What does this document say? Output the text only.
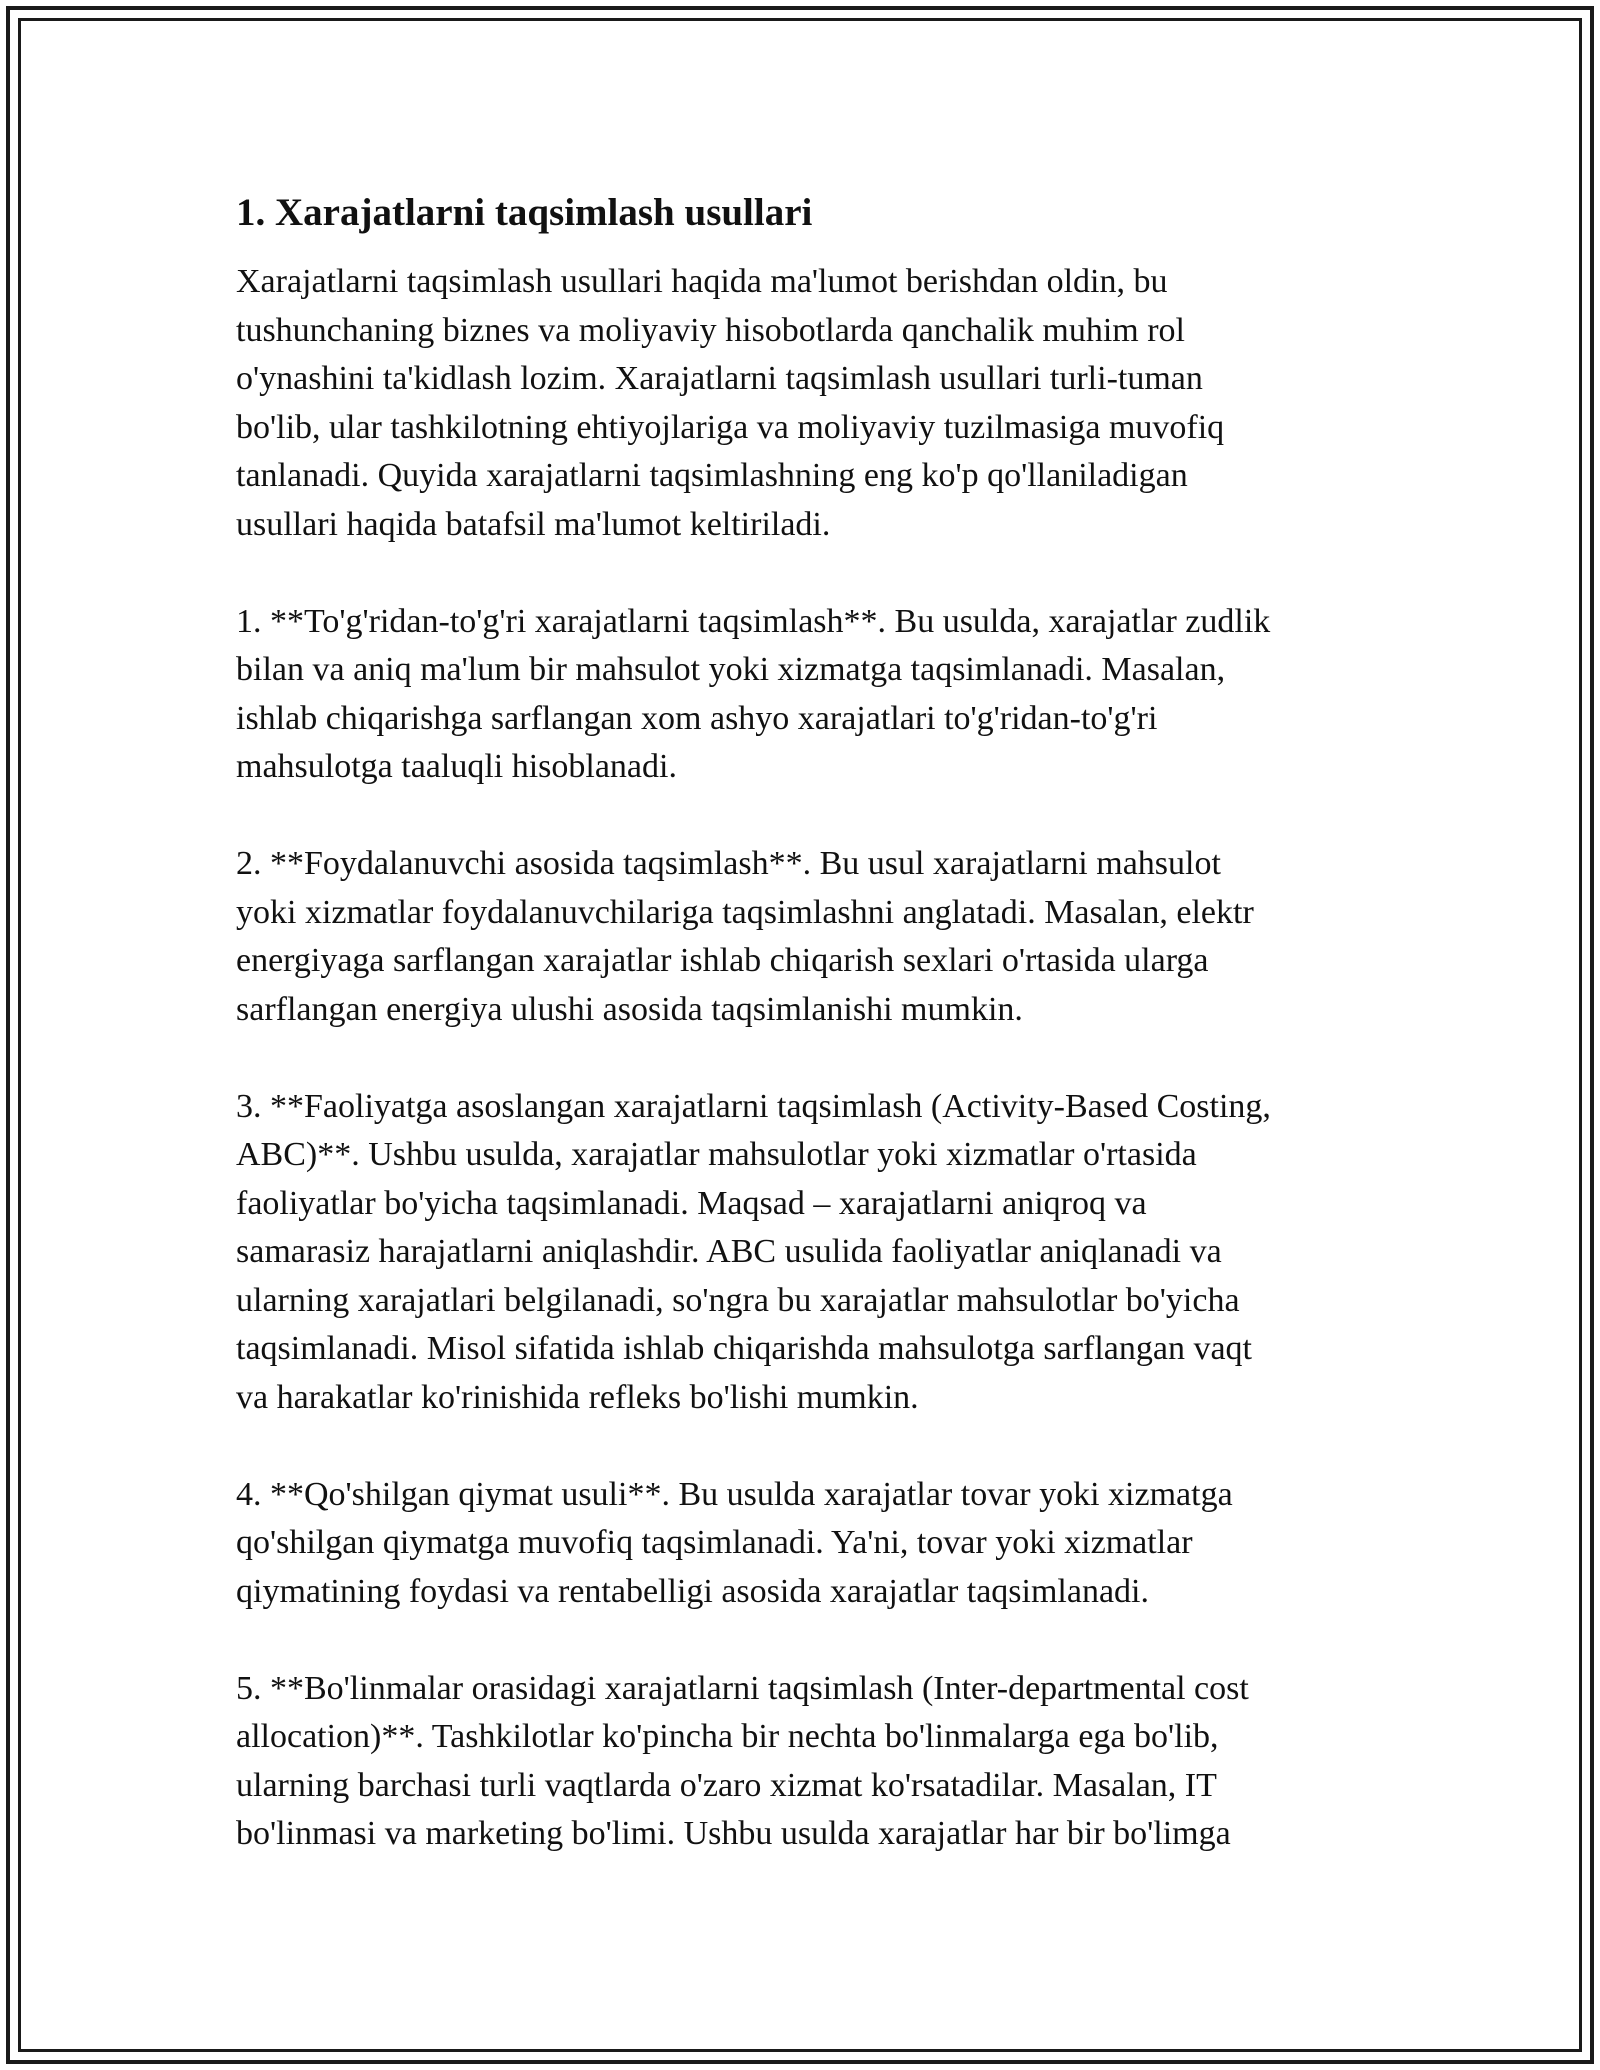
1. Xarajatlarni taqsimlash usullari

Xarajatlarni taqsimlash usullari haqida ma'lumot berishdan oldin, bu
tushunchaning biznes va moliyaviy hisobotlarda qanchalik muhim rol
o'ynashini ta'kidlash lozim. Xarajatlarni taqsimlash usullari turli-tuman
bo'lib, ular tashkilotning ehtiyojlariga va moliyaviy tuzilmasiga muvofiq
tanlanadi. Quyida xarajatlarni taqsimlashning eng ko'p qo'llaniladigan
usullari haqida batafsil ma'lumot keltiriladi.

1. **To'g'ridan-to'g'ri xarajatlarni taqsimlash**. Bu usulda, xarajatlar zudlik
bilan va aniq ma'lum bir mahsulot yoki xizmatga taqsimlanadi. Masalan,
ishlab chiqarishga sarflangan xom ashyo xarajatlari to'g'ridan-to'g'ri
mahsulotga taaluqli hisoblanadi.

2. **Foydalanuvchi asosida taqsimlash**. Bu usul xarajatlarni mahsulot
yoki xizmatlar foydalanuvchilariga taqsimlashni anglatadi. Masalan, elektr
energiyaga sarflangan xarajatlar ishlab chiqarish sexlari o'rtasida ularga
sarflangan energiya ulushi asosida taqsimlanishi mumkin.

3. **Faoliyatga asoslangan xarajatlarni taqsimlash (Activity-Based Costing,
ABC)**. Ushbu usulda, xarajatlar mahsulotlar yoki xizmatlar o'rtasida
faoliyatlar bo'yicha taqsimlanadi. Maqsad – xarajatlarni aniqroq va
samarasiz harajatlarni aniqlashdir. ABC usulida faoliyatlar aniqlanadi va
ularning xarajatlari belgilanadi, so'ngra bu xarajatlar mahsulotlar bo'yicha
taqsimlanadi. Misol sifatida ishlab chiqarishda mahsulotga sarflangan vaqt
va harakatlar ko'rinishida refleks bo'lishi mumkin.

4. **Qo'shilgan qiymat usuli**. Bu usulda xarajatlar tovar yoki xizmatga
qo'shilgan qiymatga muvofiq taqsimlanadi. Ya'ni, tovar yoki xizmatlar
qiymatining foydasi va rentabelligi asosida xarajatlar taqsimlanadi.

5. **Bo'linmalar orasidagi xarajatlarni taqsimlash (Inter-departmental cost
allocation)**. Tashkilotlar ko'pincha bir nechta bo'linmalarga ega bo'lib,
ularning barchasi turli vaqtlarda o'zaro xizmat ko'rsatadilar. Masalan, IT
bo'linmasi va marketing bo'limi. Ushbu usulda xarajatlar har bir bo'limga
